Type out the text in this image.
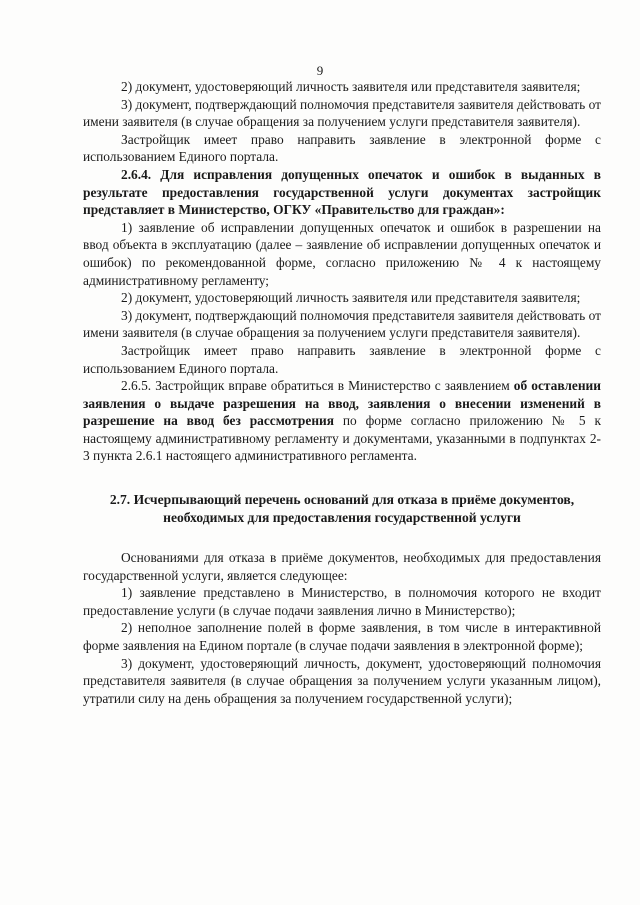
9

2) документ, удостоверяющий личность заявителя или представителя заявителя;

3) документ, подтверждающий полномочия представителя заявителя действовать от имени заявителя (в случае обращения за получением услуги представителя заявителя).

Застройщик имеет право направить заявление в электронной форме с использованием Единого портала.

2.6.4. Для исправления допущенных опечаток и ошибок в выданных в результате предоставления государственной услуги документах застройщик представляет в Министерство, ОГКУ «Правительство для граждан»:

1) заявление об исправлении допущенных опечаток и ошибок в разрешении на ввод объекта в эксплуатацию (далее – заявление об исправлении допущенных опечаток и ошибок) по рекомендованной форме, согласно приложению № 4 к настоящему административному регламенту;

2) документ, удостоверяющий личность заявителя или представителя заявителя;

3) документ, подтверждающий полномочия представителя заявителя действовать от имени заявителя (в случае обращения за получением услуги представителя заявителя).

Застройщик имеет право направить заявление в электронной форме с использованием Единого портала.

2.6.5. Застройщик вправе обратиться в Министерство с заявлением об оставлении заявления о выдаче разрешения на ввод, заявления о внесении изменений в разрешение на ввод без рассмотрения по форме согласно приложению № 5 к настоящему административному регламенту и документами, указанными в подпунктах 2-3 пункта 2.6.1 настоящего административного регламента.

2.7. Исчерпывающий перечень оснований для отказа в приёме документов, необходимых для предоставления государственной услуги

Основаниями для отказа в приёме документов, необходимых для предоставления государственной услуги, является следующее:

1) заявление представлено в Министерство, в полномочия которого не входит предоставление услуги (в случае подачи заявления лично в Министерство);

2) неполное заполнение полей в форме заявления, в том числе в интерактивной форме заявления на Едином портале (в случае подачи заявления в электронной форме);

3) документ, удостоверяющий личность, документ, удостоверяющий полномочия представителя заявителя (в случае обращения за получением услуги указанным лицом), утратили силу на день обращения за получением государственной услуги);
